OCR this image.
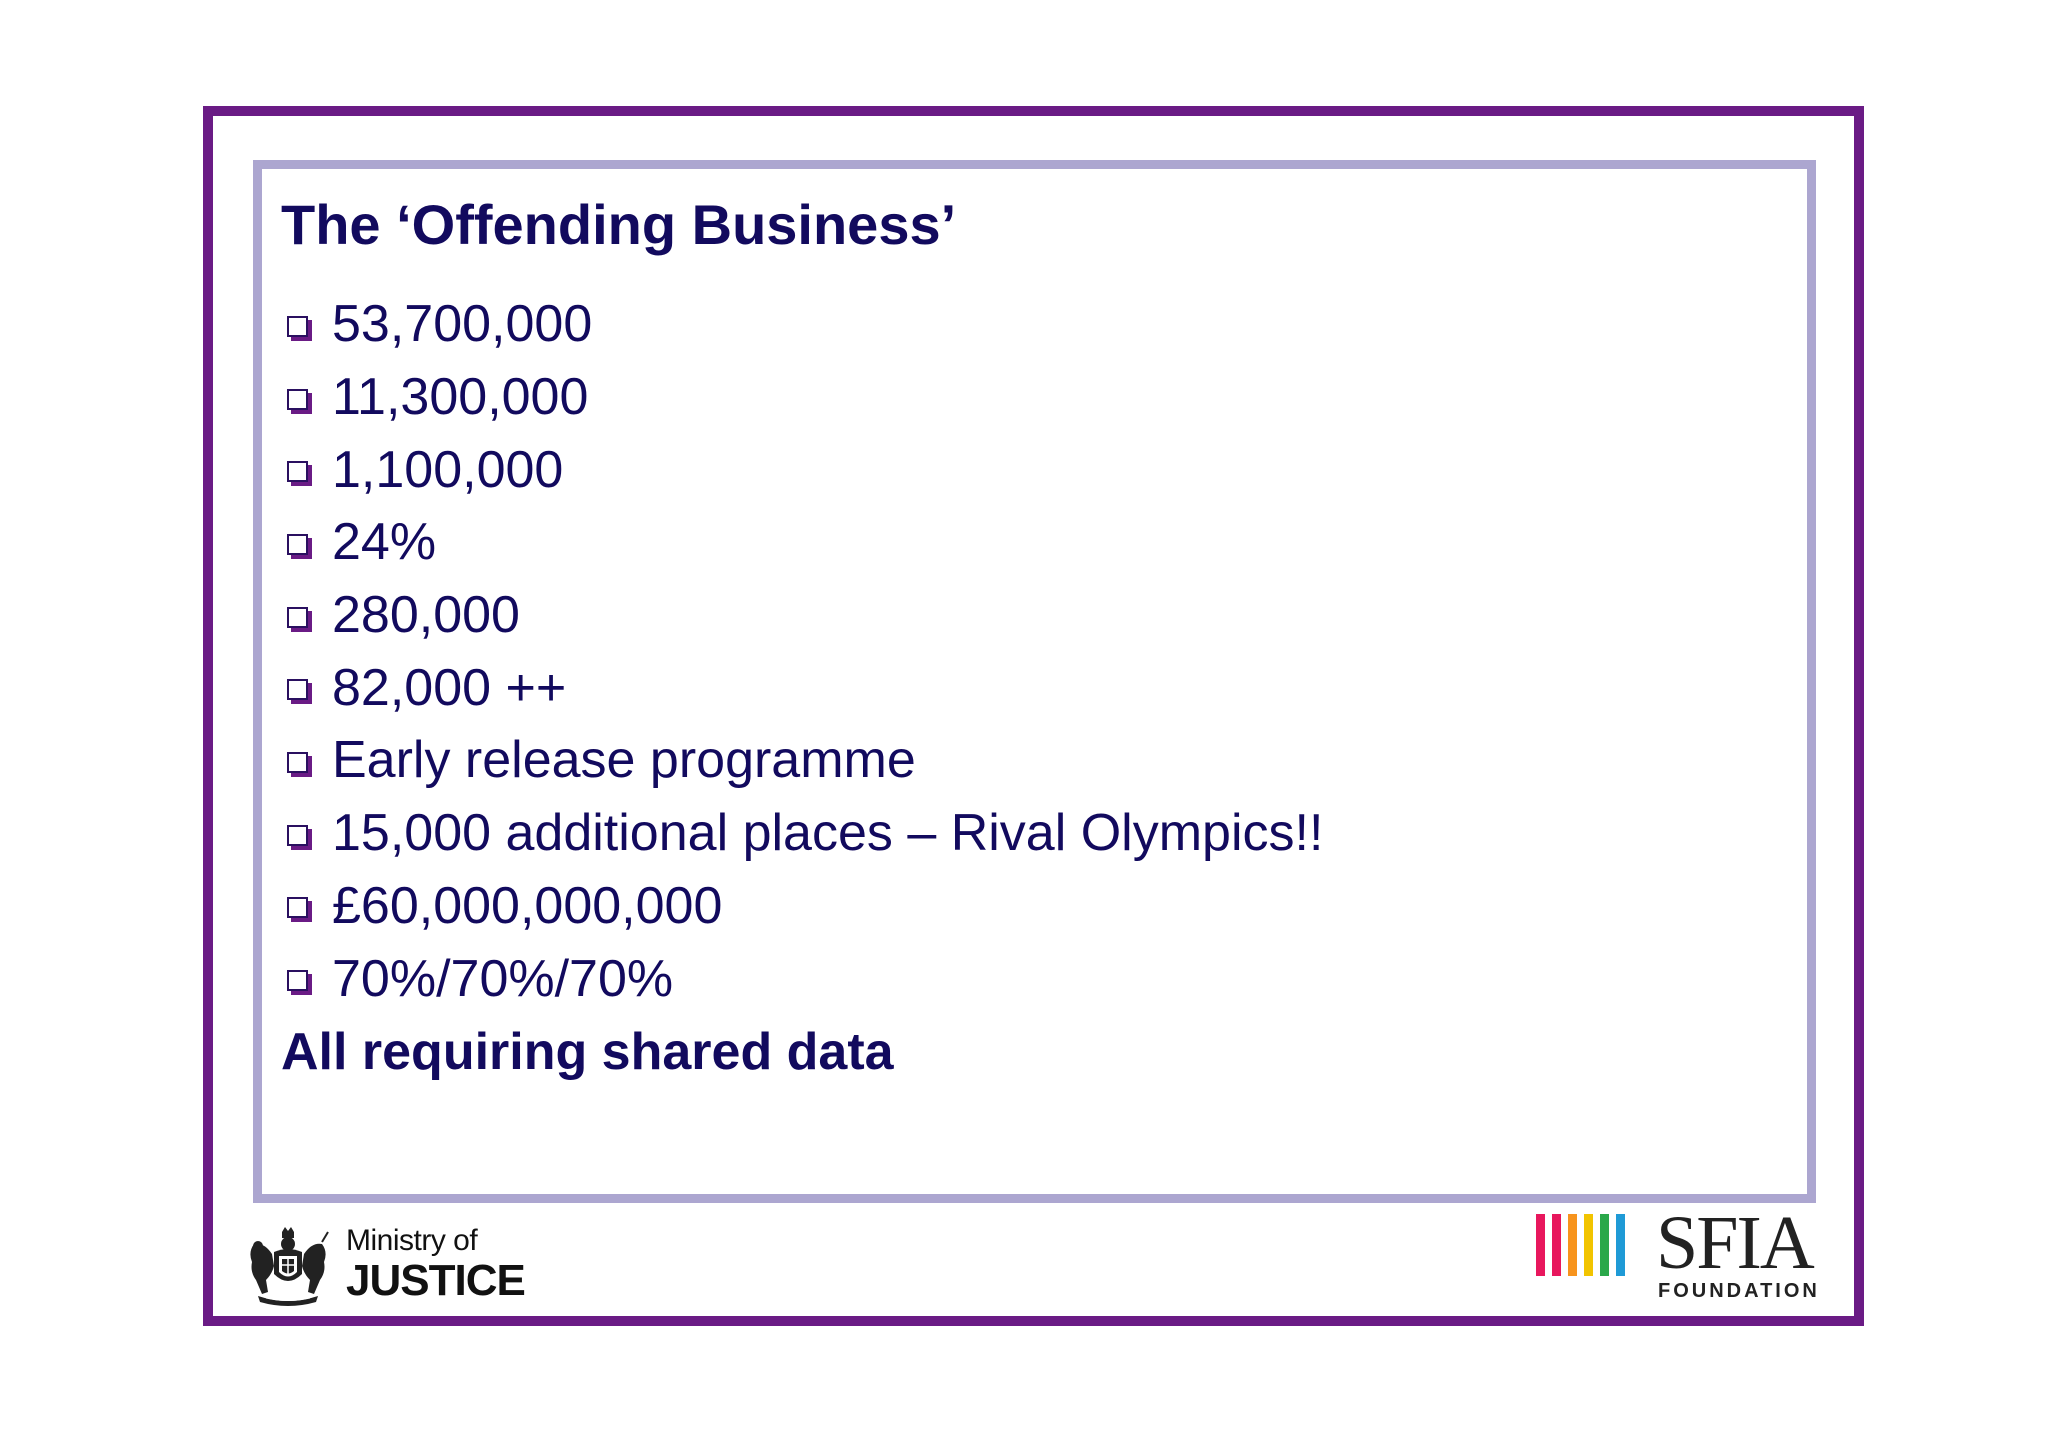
The ‘Offending Business’
53,700,000
11,300,000
1,100,000
24%
280,000
82,000 ++
Early release programme
15,000 additional places – Rival Olympics!!
£60,000,000,000
70%/70%/70%

All requiring shared data

Ministry of
JUSTICE	SFIA
FOUNDATION
